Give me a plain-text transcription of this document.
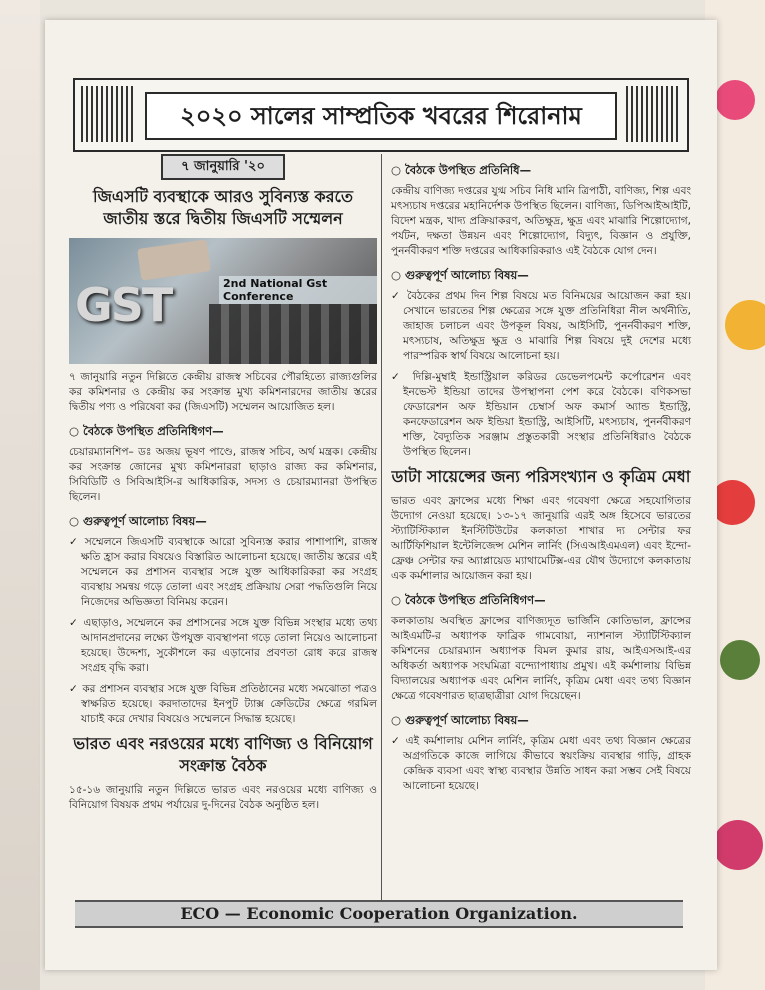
২০২০ সালের সাম্প্রতিক খবরের শিরোনাম
৭ জানুয়ারি '২০
জিএসটি ব্যবস্থাকে আরও সুবিন্যস্ত করতে জাতীয় স্তরে দ্বিতীয় জিএসটি সম্মেলন
GST	2nd National Gst Conference

৭ জানুয়ারি নতুন দিল্লিতে কেন্দ্রীয় রাজস্ব সচিবের পৌরহিত্যে রাজ্যগুলির কর কমিশনার ও কেন্দ্রীয় কর সংক্রান্ত মুখ্য কমিশনারদের জাতীয় স্তরের দ্বিতীয় পণ্য ও পরিষেবা কর (জিএসটি) সম্মেলন আয়োজিত হল।

○ বৈঠকে উপস্থিত প্রতিনিধিগণ—

চেয়ারম্যানশিপ– ডঃ অজয় ভূষণ পাণ্ডে, রাজস্ব সচিব, অর্থ মন্ত্রক। কেন্দ্রীয় কর সংক্রান্ত জোনের মুখ্য কমিশনাররা ছাড়াও রাজ্য কর কমিশনার, সিবিডিটি ও সিবিআইসি-র আধিকারিক, সদস্য ও চেয়ারম্যানরা উপস্থিত ছিলেন।

○ গুরুত্বপূর্ণ আলোচ্য বিষয়—

✓ সম্মেলনে জিএসটি ব্যবস্থাকে আরো সুবিন্যস্ত করার পাশাপাশি, রাজস্ব ক্ষতি হ্রাস করার বিষয়েও বিস্তারিত আলোচনা হয়েছে। জাতীয় স্তরের এই সম্মেলনে কর প্রশাসন ব্যবস্থার সঙ্গে যুক্ত আধিকারিকরা কর সংগ্রহ ব্যবস্থায় সমন্বয় গড়ে তোলা এবং সংগ্রহ প্রক্রিয়ায় সেরা পদ্ধতিগুলি নিয়ে নিজেদের অভিজ্ঞতা বিনিময় করেন।

✓ এছাড়াও, সম্মেলনে কর প্রশাসনের সঙ্গে যুক্ত বিভিন্ন সংস্থার মধ্যে তথ্য আদানপ্রদানের লক্ষ্যে উপযুক্ত ব্যবস্থাপনা গড়ে তোলা নিয়েও আলোচনা হয়েছে। উদ্দেশ্য, সুকৌশলে কর এড়ানোর প্রবণতা রোধ করে রাজস্ব সংগ্রহ বৃদ্ধি করা।

✓ কর প্রশাসন ব্যবস্থার সঙ্গে যুক্ত বিভিন্ন প্রতিষ্ঠানের মধ্যে সমঝোতা পত্রও স্বাক্ষরিত হয়েছে। করদাতাদের ইনপুট ট্যাক্স ক্রেডিটের ক্ষেত্রে গরমিল যাচাই করে দেখার বিষয়েও সম্মেলনে সিদ্ধান্ত হয়েছে।

ভারত এবং নরওয়ের মধ্যে বাণিজ্য ও বিনিয়োগ সংক্রান্ত বৈঠক

১৫-১৬ জানুয়ারি নতুন দিল্লিতে ভারত এবং নরওয়ের মধ্যে বাণিজ্য ও বিনিয়োগ বিষয়ক প্রথম পর্যায়ের দু-দিনের বৈঠক অনুষ্ঠিত হল।

○ বৈঠকে উপস্থিত প্রতিনিধি—

কেন্দ্রীয় বাণিজ্য দপ্তরের যুগ্ম সচিব নিধি মানি ত্রিপাঠী, বাণিজ্য, শিল্প এবং মৎস্যচাষ দপ্তরের মহানির্দেশক উপস্থিত ছিলেন। বাণিজ্য, ডিপিআইআইটি, বিদেশ মন্ত্রক, খাদ্য প্রক্রিয়াকরণ, অতিক্ষুদ্র, ক্ষুদ্র এবং মাঝারি শিল্পোদ্যোগ, পর্যটন, দক্ষতা উন্নয়ন এবং শিল্পোদ্যোগ, বিদ্যুৎ, বিজ্ঞান ও প্রযুক্তি, পুনর্নবীকরণ শক্তি দপ্তরের আধিকারিকরাও এই বৈঠকে যোগ দেন।

○ গুরুত্বপূর্ণ আলোচ্য বিষয়—

✓ বৈঠকের প্রথম দিন শিল্প বিষয়ে মত বিনিময়ের আয়োজন করা হয়। সেখানে ভারতের শিল্প ক্ষেত্রের সঙ্গে যুক্ত প্রতিনিধিরা নীল অর্থনীতি, জাহাজ চলাচল এবং উপকূল বিষয়, আইসিটি, পুনর্নবীকরণ শক্তি, মৎস্যচাষ, অতিক্ষুদ্র ক্ষুদ্র ও মাঝারি শিল্প বিষয়ে দুই দেশের মধ্যে পারস্পরিক স্বার্থ বিষয়ে আলোচনা হয়।

✓ দিল্লি-মুম্বাই ইন্ডাস্ট্রিয়াল করিডর ডেভেলপমেন্ট কর্পোরেশন এবং ইনভেস্ট ইন্ডিয়া তাদের উপস্থাপনা পেশ করে বৈঠকে। বণিকসভা ফেডারেশন অফ ইন্ডিয়ান চেম্বার্স অফ কমার্স অ্যান্ড ইন্ডাস্ট্রি, কনফেডারেশন অফ ইন্ডিয়া ইন্ডাস্ট্রি, আইসিটি, মৎস্যচাষ, পুনর্নবীকরণ শক্তি, বৈদ্যুতিক সরঞ্জাম প্রস্তুতকারী সংস্থার প্রতিনিধিরাও বৈঠকে উপস্থিত ছিলেন।

ডাটা সায়েন্সের জন্য পরিসংখ্যান ও কৃত্রিম মেধা

ভারত এবং ফ্রান্সের মধ্যে শিক্ষা এবং গবেষণা ক্ষেত্রে সহযোগিতার উদ্যোগ নেওয়া হয়েছে। ১৩-১৭ জানুয়ারি এরই অঙ্গ হিসেবে ভারতের স্ট্যাটিস্টিক্যাল ইনস্টিটিউটের কলকাতা শাখার দ্য সেন্টার ফর আর্টিফিশিয়াল ইন্টেলিজেন্স মেশিন লার্নিং (সিএআইএমএল) এবং ইন্দো-ফ্রেঞ্চ সেন্টার ফর অ্যাপ্লায়েড ম্যাথামেটিক্স-এর যৌথ উদ্যোগে কলকাতায় এক কর্মশালার আয়োজন করা হয়।

○ বৈঠকে উপস্থিত প্রতিনিধিগণ—

কলকাতায় অবস্থিত ফ্রান্সের বাণিজ্যদূত ভার্জিনি কোতিভাল, ফ্রান্সের আইএমটি-র অধ্যাপক ফাব্রিক গামবোয়া, ন্যাশনাল স্ট্যাটিস্টিক্যাল কমিশনের চেয়ারম্যান অধ্যাপক বিমল কুমার রায়, আইএসআই-এর অধিকর্তা অধ্যাপক সংঘমিত্রা বন্দ্যোপাধ্যায় প্রমুখ। এই কর্মশালায় বিভিন্ন বিদ্যালয়ের অধ্যাপক এবং মেশিন লার্নিং, কৃত্রিম মেধা এবং তথ্য বিজ্ঞান ক্ষেত্রে গবেষণারত ছাত্রছাত্রীরা যোগ দিয়েছেন।

○ গুরুত্বপূর্ণ আলোচ্য বিষয়—

✓ এই কর্মশালায় মেশিন লার্নিং, কৃত্রিম মেধা এবং তথ্য বিজ্ঞান ক্ষেত্রের অগ্রগতিকে কাজে লাগিয়ে কীভাবে স্বয়ংক্রিয় ব্যবস্থার গাড়ি, গ্রাহক কেন্দ্রিক ব্যবসা এবং স্বাস্থ্য ব্যবস্থার উন্নতি সাধন করা সম্ভব সেই বিষয়ে আলোচনা হয়েছে।

ECO — Economic Cooperation Organization.
